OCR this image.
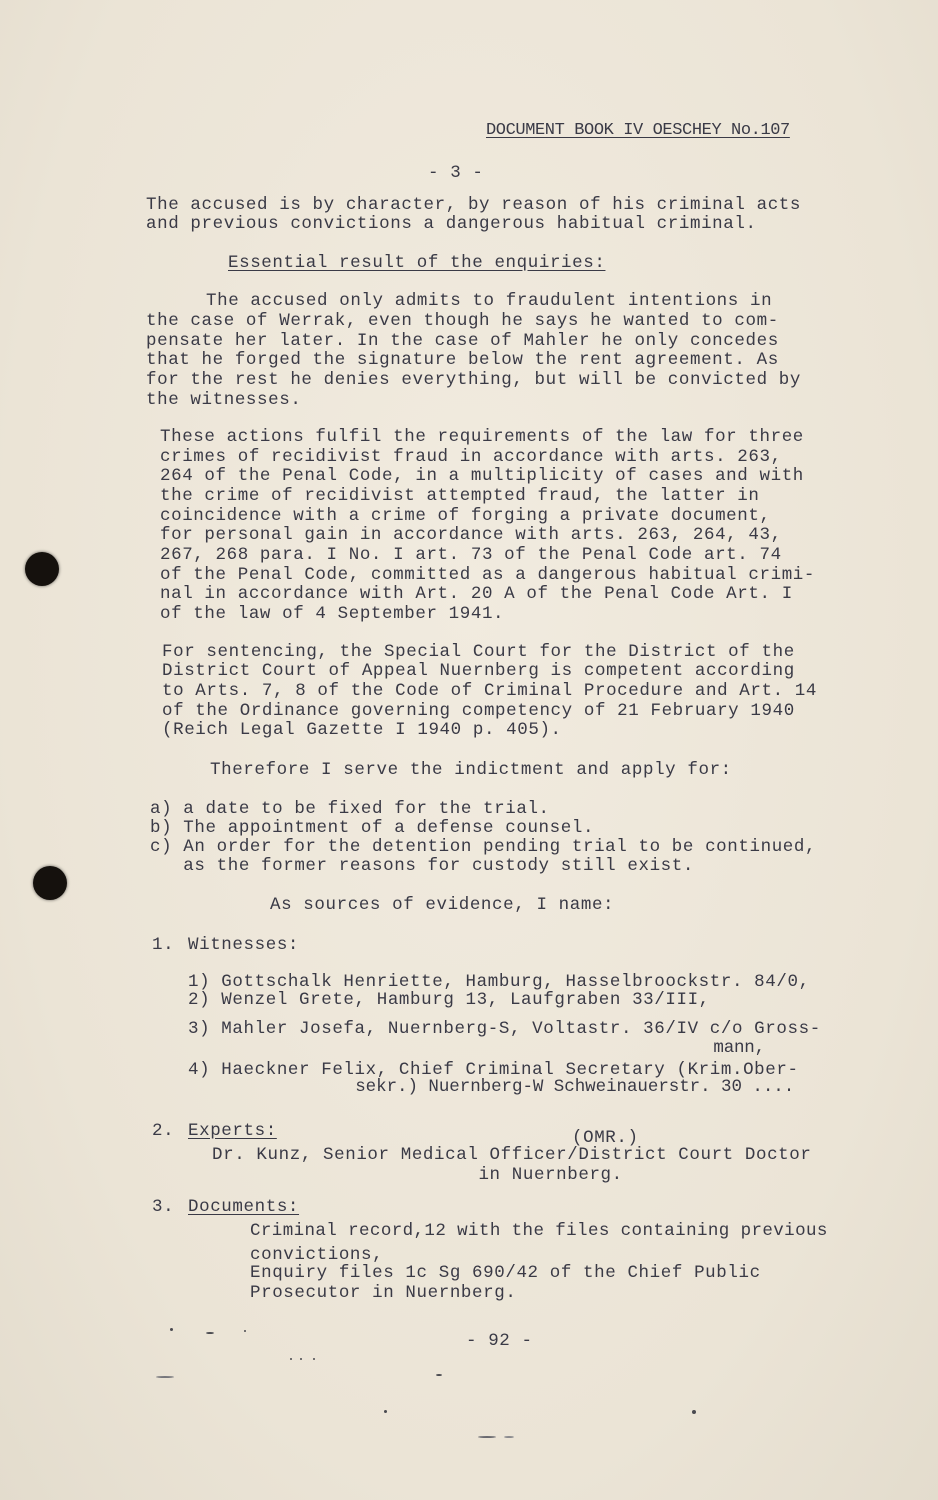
DOCUMENT BOOK IV OESCHEY No.107
- 3 -
The accused is by character, by reason of his criminal acts
and previous convictions a dangerous habitual criminal.
Essential result of the enquiries:
The accused only admits to fraudulent intentions in
the case of Werrak, even though he says he wanted to com-
pensate her later. In the case of Mahler he only concedes
that he forged the signature below the rent agreement. As
for the rest he denies everything, but will be convicted by
the witnesses.
These actions fulfil the requirements of the law for three
crimes of recidivist fraud in accordance with arts. 263,
264 of the Penal Code, in a multiplicity of cases and with
the crime of recidivist attempted fraud, the latter in
coincidence with a crime of forging a private document,
for personal gain in accordance with arts. 263, 264, 43,
267, 268 para. I No. I art. 73 of the Penal Code art. 74
of the Penal Code, committed as a dangerous habitual crimi-
nal in accordance with Art. 20 A of the Penal Code Art. I
of the law of 4 September 1941.
For sentencing, the Special Court for the District of the
District Court of Appeal Nuernberg is competent according
to Arts. 7, 8 of the Code of Criminal Procedure and Art. 14
of the Ordinance governing competency of 21 February 1940
(Reich Legal Gazette I 1940 p. 405).
Therefore I serve the indictment and apply for:
a) a date to be fixed for the trial.
b) The appointment of a defense counsel.
c) An order for the detention pending trial to be continued,
as the former reasons for custody still exist.
As sources of evidence, I name:
1. Witnesses:
1) Gottschalk Henriette, Hamburg, Hasselbroockstr. 84/0,
2) Wenzel Grete, Hamburg 13, Laufgraben 33/III,
3) Mahler Josefa, Nuernberg-S, Voltastr. 36/IV c/o Gross-
mann,
4) Haeckner Felix, Chief Criminal Secretary (Krim.Ober-
sekr.) Nuernberg-W Schweinauerstr. 30 ....
2. Experts:	(OMR.)
Dr. Kunz, Senior Medical Officer/District Court Doctor
in Nuernberg.
3. Documents:
Criminal record,12 with the files containing previous
convictions,
Enquiry files 1c Sg 690/42 of the Chief Public
Prosecutor in Nuernberg.
- 92 -
